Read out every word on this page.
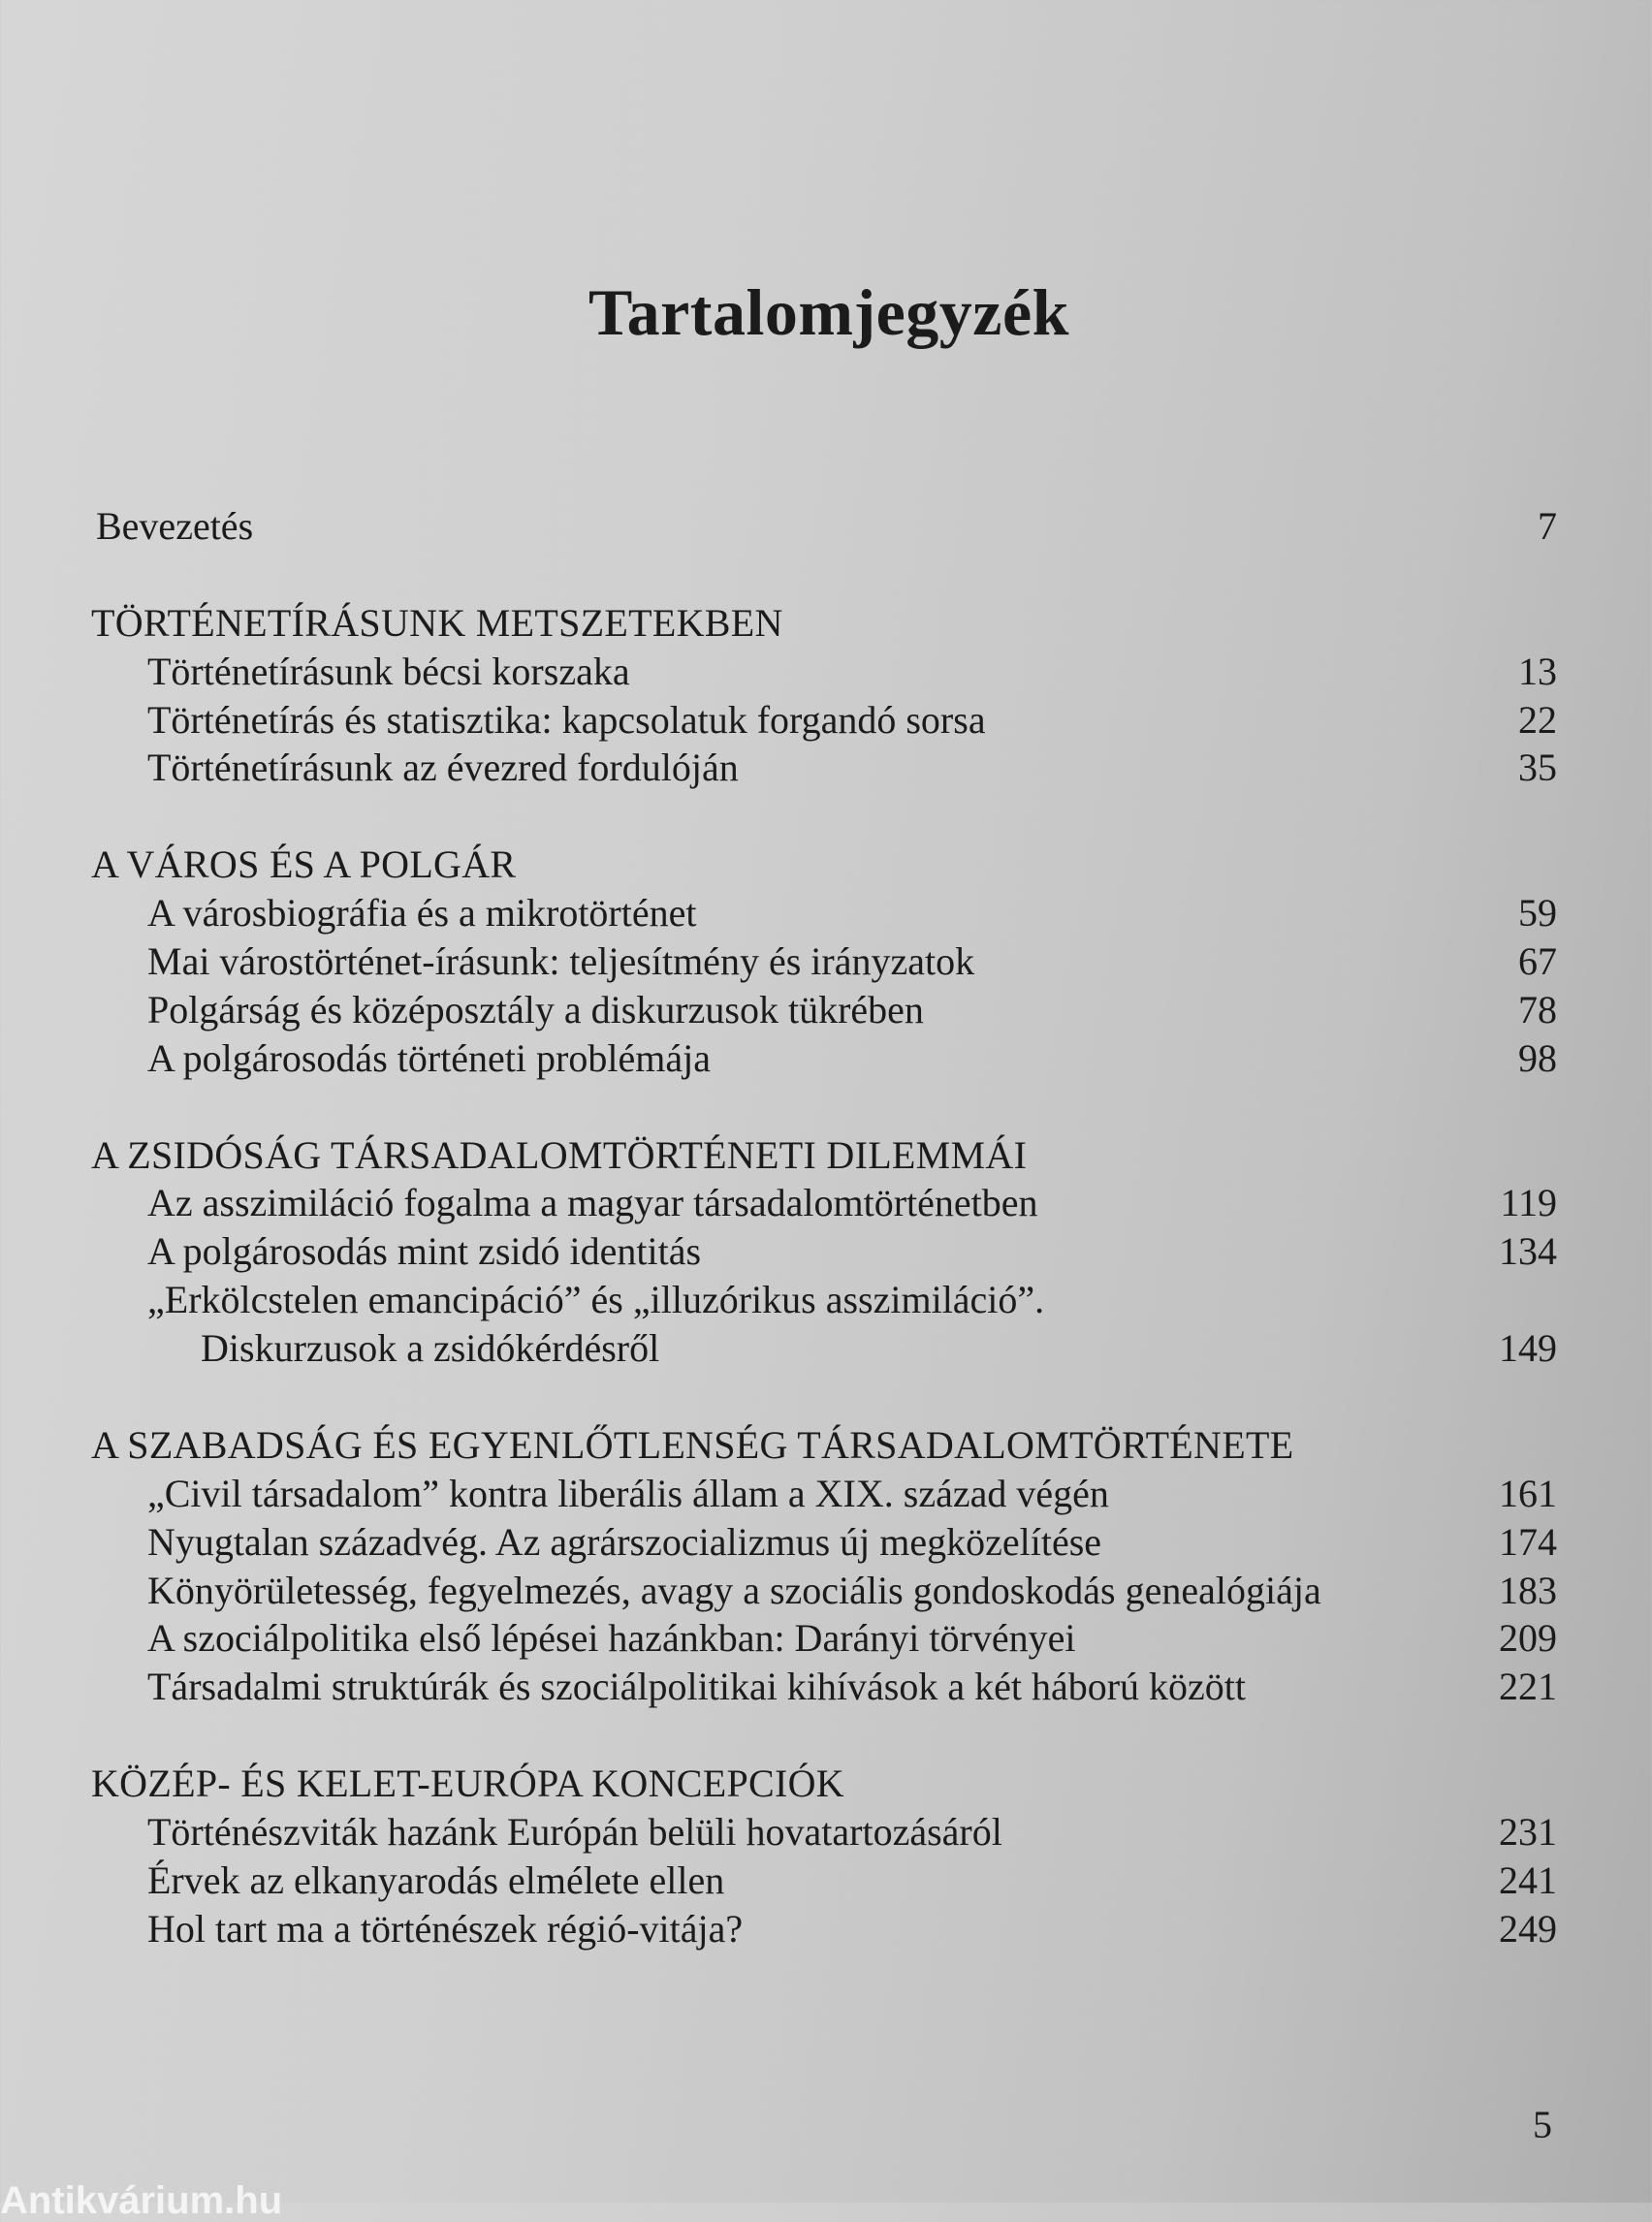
Tartalomjegyzék
Bevezetés	7
TÖRTÉNETÍRÁSUNK METSZETEKBEN
Történetírásunk bécsi korszaka	13
Történetírás és statisztika: kapcsolatuk forgandó sorsa	22
Történetírásunk az évezred fordulóján	35
A VÁROS ÉS A POLGÁR
A városbiográfia és a mikrotörténet	59
Mai várostörténet-írásunk: teljesítmény és irányzatok	67
Polgárság és középosztály a diskurzusok tükrében	78
A polgárosodás történeti problémája	98
A ZSIDÓSÁG TÁRSADALOMTÖRTÉNETI DILEMMÁI
Az asszimiláció fogalma a magyar társadalomtörténetben	119
A polgárosodás mint zsidó identitás	134
„Erkölcstelen emancipáció” és „illuzórikus asszimiláció”.
Diskurzusok a zsidókérdésről	149
A SZABADSÁG ÉS EGYENLŐTLENSÉG TÁRSADALOMTÖRTÉNETE
„Civil társadalom” kontra liberális állam a XIX. század végén	161
Nyugtalan századvég. Az agrárszocializmus új megközelítése	174
Könyörületesség, fegyelmezés, avagy a szociális gondoskodás genealógiája	183
A szociálpolitika első lépései hazánkban: Darányi törvényei	209
Társadalmi struktúrák és szociálpolitikai kihívások a két háború között	221
KÖZÉP- ÉS KELET-EURÓPA KONCEPCIÓK
Történészviták hazánk Európán belüli hovatartozásáról	231
Érvek az elkanyarodás elmélete ellen	241
Hol tart ma a történészek régió-vitája?	249
5
Antikvárium.hu
